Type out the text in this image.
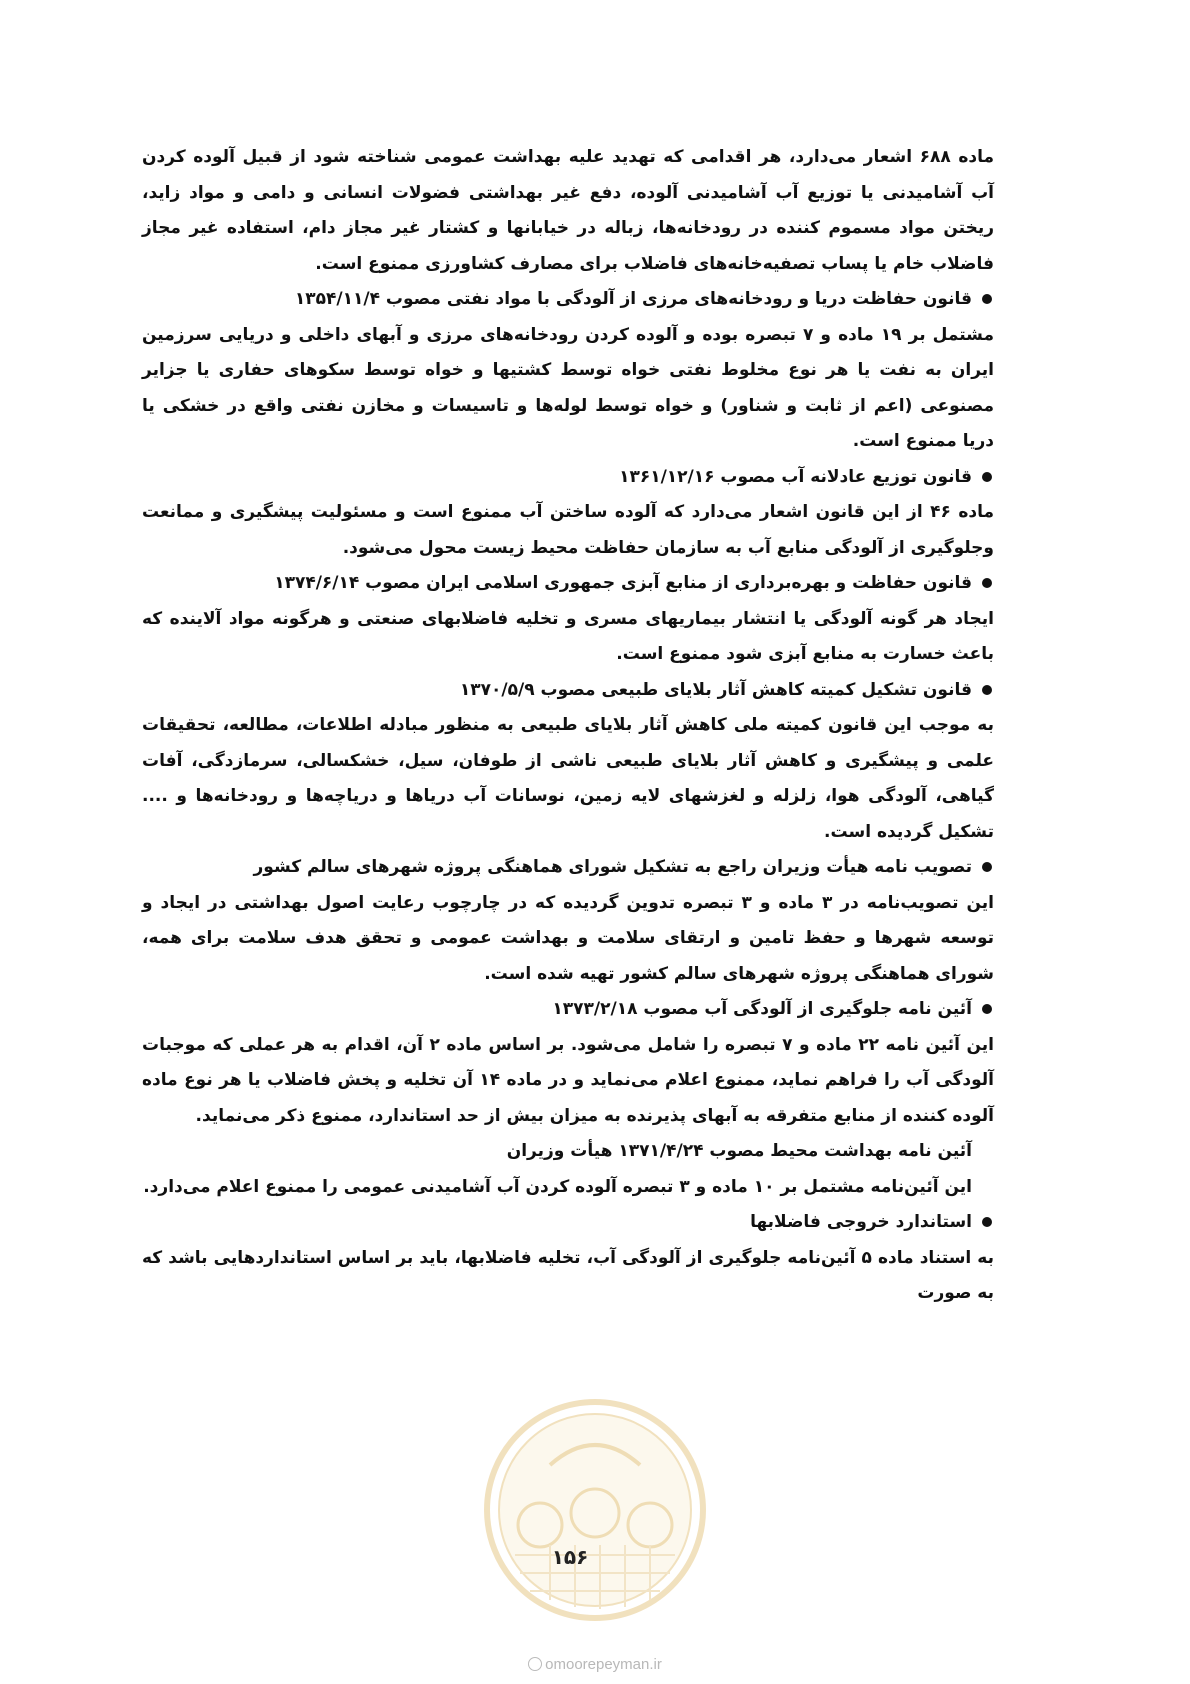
ماده ۶۸۸ اشعار می‌دارد، هر اقدامی که تهدید علیه بهداشت عمومی شناخته شود از قبیل آلوده کردن آب آشامیدنی یا توزیع آب آشامیدنی آلوده، دفع غیر بهداشتی فضولات انسانی و دامی و مواد زاید، ریختن مواد مسموم کننده در رودخانه‌ها، زباله در خیابانها و کشتار غیر مجاز دام، استفاده غیر مجاز فاضلاب خام یا پساب تصفیه‌خانه‌های فاضلاب برای مصارف کشاورزی ممنوع است.

قانون حفاظت دریا و رودخانه‌های مرزی از آلودگی با مواد نفتی مصوب ۱۳۵۴/۱۱/۴

مشتمل بر ۱۹ ماده و ۷ تبصره بوده و آلوده کردن رودخانه‌های مرزی و آبهای داخلی و دریایی سرزمین ایران به نفت یا هر نوع مخلوط نفتی خواه توسط کشتیها و خواه توسط سکوهای حفاری یا جزایر مصنوعی (اعم از ثابت و شناور) و خواه توسط لوله‌ها و تاسیسات و مخازن نفتی واقع در خشکی یا دریا ممنوع است.

قانون توزیع عادلانه آب مصوب ۱۳۶۱/۱۲/۱۶

ماده ۴۶ از این قانون اشعار می‌دارد که آلوده ساختن آب ممنوع است و مسئولیت پیشگیری و ممانعت وجلوگیری از آلودگی منابع آب به سازمان حفاظت محیط زیست محول می‌شود.

قانون حفاظت و بهره‌برداری از منابع آبزی جمهوری اسلامی ایران مصوب ۱۳۷۴/۶/۱۴

ایجاد هر گونه آلودگی یا انتشار بیماریهای مسری و تخلیه فاضلابهای صنعتی و هرگونه مواد آلاینده که باعث خسارت به منابع آبزی شود ممنوع است.

قانون تشکیل کمیته کاهش آثار بلایای طبیعی مصوب ۱۳۷۰/۵/۹

به موجب این قانون کمیته ملی کاهش آثار بلایای طبیعی به منظور مبادله اطلاعات، مطالعه، تحقیقات علمی و پیشگیری و کاهش آثار بلایای طبیعی ناشی از طوفان، سیل، خشکسالی، سرمازدگی، آفات گیاهی، آلودگی هوا، زلزله و لغزشهای لایه زمین، نوسانات آب دریاها و دریاچه‌ها و رودخانه‌ها و .... تشکیل گردیده است.

تصویب نامه هیأت وزیران راجع به تشکیل شورای هماهنگی پروژه شهرهای سالم کشور

این تصویب‌نامه در ۳ ماده و ۳ تبصره تدوین گردیده که در چارچوب رعایت اصول بهداشتی در ایجاد و توسعه شهرها و حفظ تامین و ارتقای سلامت و بهداشت عمومی و تحقق هدف سلامت برای همه، شورای هماهنگی پروژه شهرهای سالم کشور تهیه شده است.

آئین نامه جلوگیری از آلودگی آب مصوب ۱۳۷۳/۲/۱۸

این آئین نامه ۲۲ ماده و ۷ تبصره را شامل می‌شود. بر اساس ماده ۲ آن، اقدام به هر عملی که موجبات آلودگی آب را فراهم نماید، ممنوع اعلام می‌نماید و در ماده ۱۴ آن تخلیه و پخش فاضلاب یا هر نوع ماده آلوده کننده از منابع متفرقه به آبهای پذیرنده به میزان بیش از حد استاندارد، ممنوع ذکر می‌نماید.

آئین نامه بهداشت محیط مصوب ۱۳۷۱/۴/۲۴ هیأت وزیران

این آئین‌نامه مشتمل بر ۱۰ ماده و ۳ تبصره آلوده کردن آب آشامیدنی عمومی را ممنوع اعلام می‌دارد.

استاندارد خروجی فاضلابها

به استناد ماده ۵ آئین‌نامه جلوگیری از آلودگی آب، تخلیه فاضلابها، باید بر اساس استانداردهایی باشد که به صورت

۱۵۶
omoorepeyman.ir
